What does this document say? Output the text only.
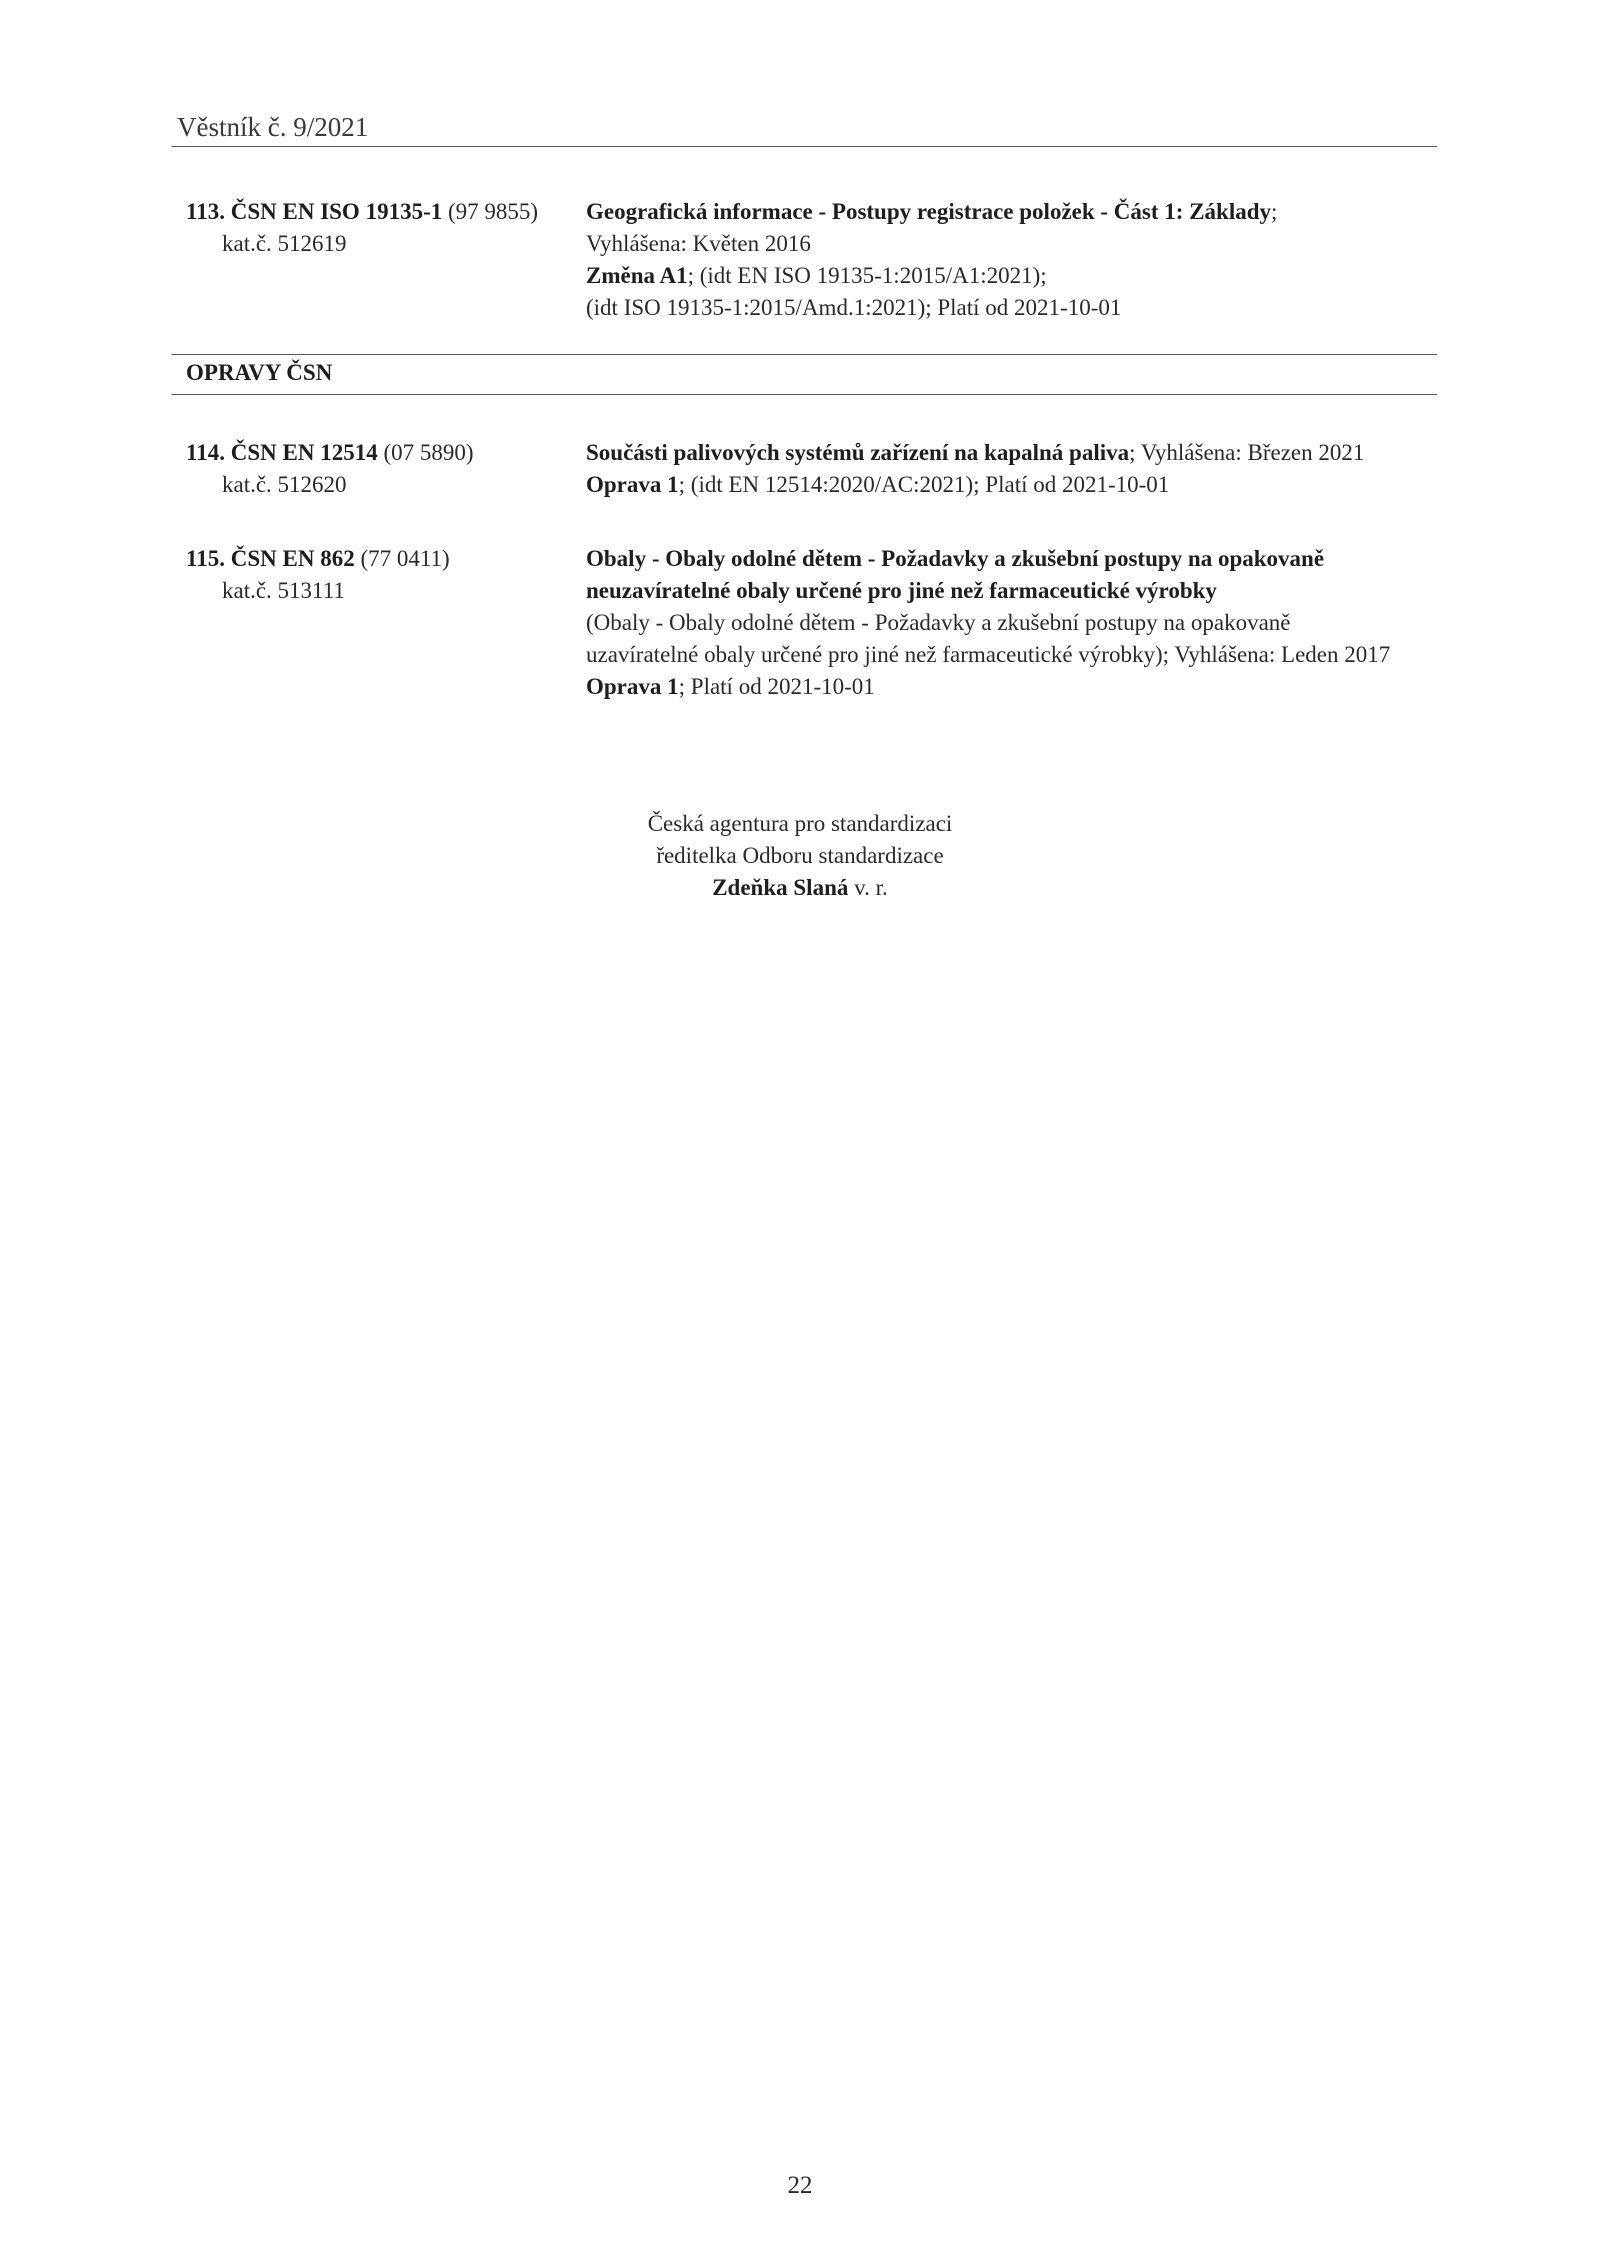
Věstník č. 9/2021
113. ČSN EN ISO 19135-1 (97 9855)
kat.č. 512619
Geografická informace - Postupy registrace položek - Část 1: Základy;
Vyhlášena: Květen 2016
Změna A1; (idt EN ISO 19135-1:2015/A1:2021);
(idt ISO 19135-1:2015/Amd.1:2021); Platí od 2021-10-01
OPRAVY ČSN
114. ČSN EN 12514 (07 5890)
kat.č. 512620
Součásti palivových systémů zařízení na kapalná paliva; Vyhlášena: Březen 2021
Oprava 1; (idt EN 12514:2020/AC:2021); Platí od 2021-10-01
115. ČSN EN 862 (77 0411)
kat.č. 513111
Obaly - Obaly odolné dětem - Požadavky a zkušební postupy na opakovaně
neuzavíratelné obaly určené pro jiné než farmaceutické výrobky
(Obaly - Obaly odolné dětem - Požadavky a zkušební postupy na opakovaně
uzavíratelné obaly určené pro jiné než farmaceutické výrobky); Vyhlášena: Leden 2017
Oprava 1; Platí od 2021-10-01
Česká agentura pro standardizaci
ředitelka Odboru standardizace
Zdeňka Slaná v. r.
22
